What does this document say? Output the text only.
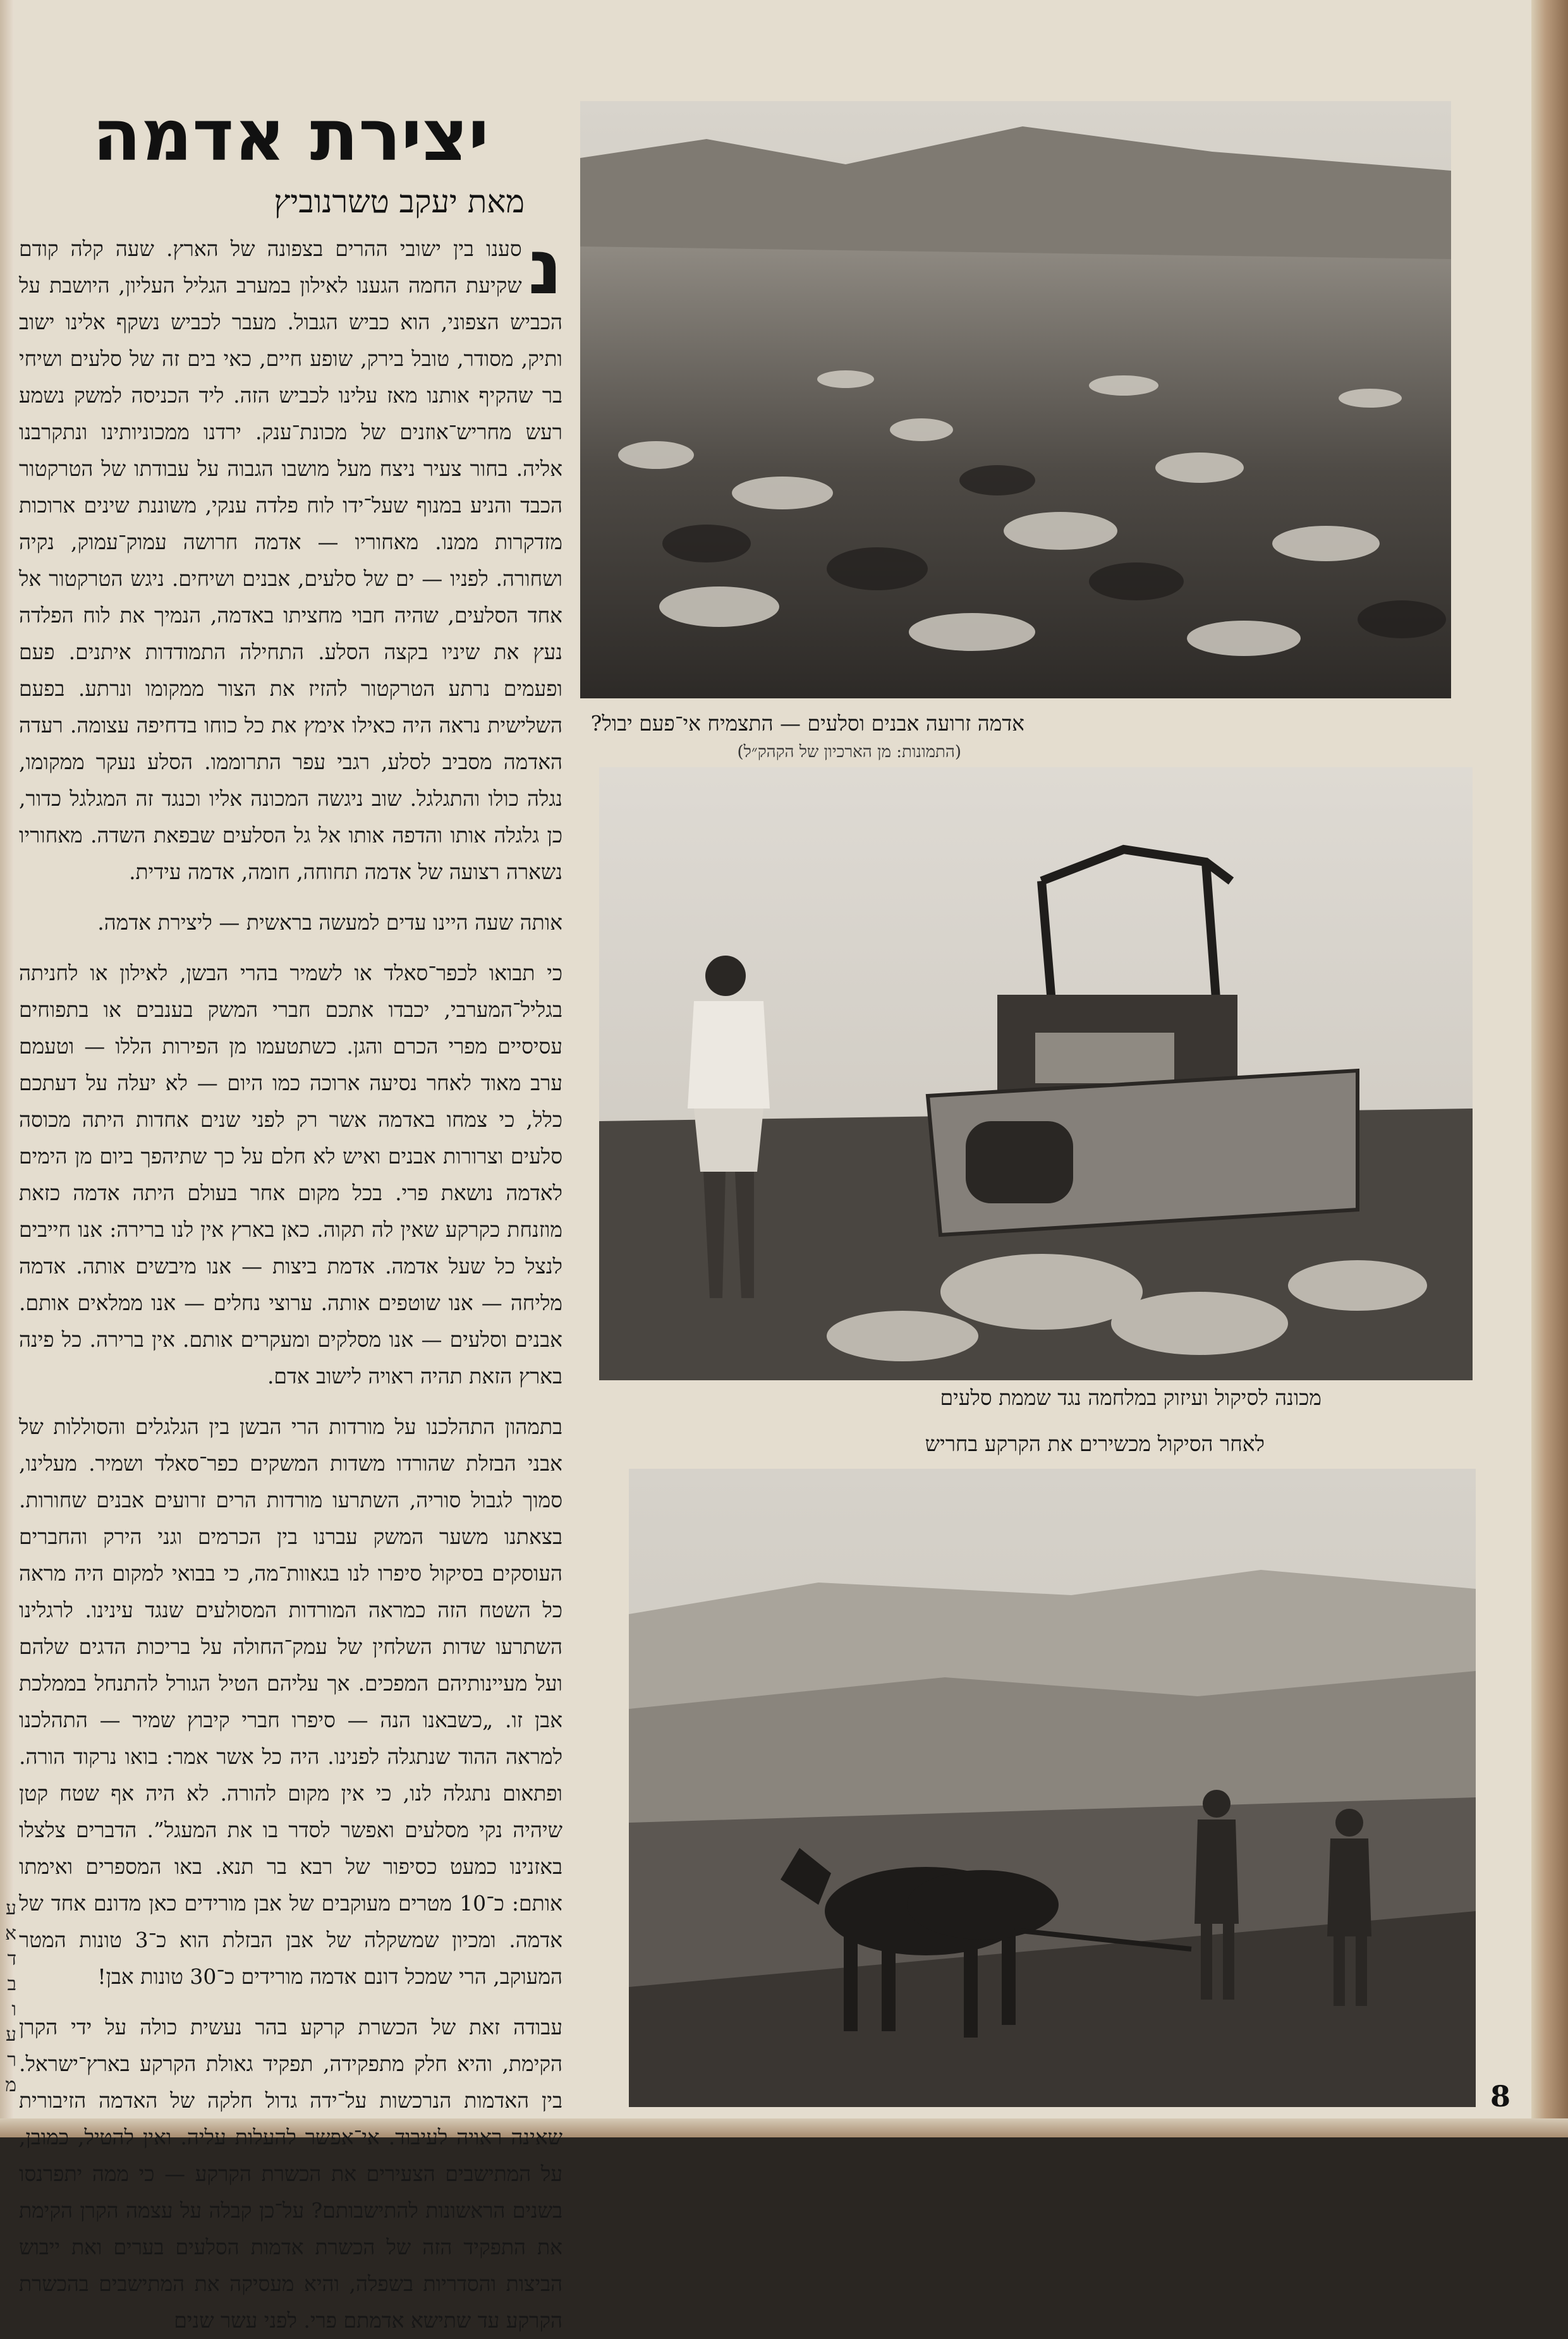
יצירת אדמה

מאת יעקב טשרנוביץ

נ
סענו בין ישובי ההרים בצפונה של הארץ. שעה קלה קודם שקיעת החמה הגענו לאילון במערב הגליל העליון, היושבת על הכביש הצפוני, הוא כביש הגבול. מעבר לכביש נשקף אלינו ישוב ותיק, מסודר, טובל בירק, שופע חיים, כאי בים זה של סלעים ושיחי בר שהקיף אותנו מאז עלינו לכביש הזה. ליד הכניסה למשק נשמע רעש מחריש־אוזנים של מכונת־ענק. ירדנו ממכוניותינו ונתקרבנו אליה. בחור צעיר ניצח מעל מושבו הגבוה על עבודתו של הטרקטור הכבד והניע במנוף שעל־ידו לוח פלדה ענקי, משוננת שינים ארוכות מזדקרות ממנו. מאחוריו — אדמה חרושה עמוק־עמוק, נקיה ושחורה. לפניו — ים של סלעים, אבנים ושיחים. ניגש הטרקטור אל אחד הסלעים, שהיה חבוי מחציתו באדמה, הנמיך את לוח הפלדה נעץ את שיניו בקצה הסלע. התחילה התמודדות איתנים. פעם ופעמים נרתע הטרקטור להזיז את הצור ממקומו ונרתע. בפעם השלישית נראה היה כאילו אימץ את כל כוחו בדחיפה עצומה. רעדה האדמה מסביב לסלע, רגבי עפר התרוממו. הסלע נעקר ממקומו, נגלה כולו והתגלגל. שוב ניגשה המכונה אליו וכנגד זה המגלגל כדור, כן גלגלה אותו והדפה אותו אל גל הסלעים שבפאת השדה. מאחוריו נשארה רצועה של אדמה תחוחה, חומה, אדמה עידית.

אותה שעה היינו עדים למעשה בראשית — ליצירת אדמה.

כי תבואו לכפר־סאלד או לשמיר בהרי הבשן, לאילון או לחניתה בגליל־המערבי, יכבדו אתכם חברי המשק בענבים או בתפוחים עסיסיים מפרי הכרם והגן. כשתטעמו מן הפירות הללו — וטעמם ערב מאוד לאחר נסיעה ארוכה כמו היום — לא יעלה על דעתכם כלל, כי צמחו באדמה אשר רק לפני שנים אחדות היתה מכוסה סלעים וצרורות אבנים ואיש לא חלם על כך שתיהפך ביום מן הימים לאדמה נושאת פרי. בכל מקום אחר בעולם היתה אדמה כזאת מוזנחת כקרקע שאין לה תקוה. כאן בארץ אין לנו ברירה: אנו חייבים לנצל כל שעל אדמה. אדמת ביצות — אנו מיבשים אותה. אדמה מליחה — אנו שוטפים אותה. ערוצי נחלים — אנו ממלאים אותם. אבנים וסלעים — אנו מסלקים ומעקרים אותם. אין ברירה. כל פינה בארץ הזאת תהיה ראויה לישוב אדם.

בתמהון התהלכנו על מורדות הרי הבשן בין הגלגלים והסוללות של אבני הבזלת שהורדו משדות המשקים כפר־סאלד ושמיר. מעלינו, סמוך לגבול סוריה, השתרעו מורדות הרים זרועים אבנים שחורות. בצאתנו משער המשק עברנו בין הכרמים וגני הירק והחברים העוסקים בסיקול סיפרו לנו בגאוות־מה, כי בבואי למקום היה מראה כל השטח הזה כמראה המורדות המסולעים שנגד עינינו. לרגלינו השתרעו שדות השלחין של עמק־החולה על בריכות הדגים שלהם ועל מעיינותיהם המפכים. אך עליהם הטיל הגורל להתנחל בממלכת אבן זו. „כשבאנו הנה — סיפרו חברי קיבוץ שמיר — התהלכנו למראה ההוד שנתגלה לפנינו. היה כל אשר אמר: בואו נרקוד הורה. ופתאום נתגלה לנו, כי אין מקום להורה. לא היה אף שטח קטן שיהיה נקי מסלעים ואפשר לסדר בו את המעגל”. הדברים צלצלו באזנינו כמעט כסיפור של רבא בר תנא. באו המספרים ואימתו אותם: כ־10 מטרים מעוקבים של אבן מורידים כאן מדונם אחד של אדמה. ומכיון שמשקלה של אבן הבזלת הוא כ־3 טונות המטר המעוקב, הרי שמכל דונם אדמה מורידים כ־30 טונות אבן!

עבודה זאת של הכשרת קרקע בהר נעשית כולה על ידי הקרן הקימת, והיא חלק מתפקידה, תפקיד גאולת הקרקע בארץ־ישראל. בין האדמות הנרכשות על־ידה גדול חלקה של האדמה הזיבורית שאינה ראויה לעיבוד. אי־אפשר להעלות עליה. ואין להטיל, כמובן, על המתישבים הצעירים את הכשרת הקרקע — כי ממה יתפרנסו בשנים הראשונות להתישבותם? על־כן קבלה על עצמה הקרן הקימת את התפקיד הזה של הכשרת אדמות הסלעים בערים ואת ייבוש הביצות והסדריות בשפלה, והיא מעסיקה את המתישבים בהכשרת הקרקע עד שתישא אדמתם פרי. לפני עשר שנים

ע
א
ד
ב
ו
ע
ר
מ

אדמה זרועה אבנים וסלעים — התצמיח אי־פעם יבול?

(התמונות: מן הארכיון של הקהק״ל)

מכונה לסיקול ועיזוק במלחמה נגד שממת סלעים

לאחר הסיקול מכשירים את הקרקע בחריש

8
